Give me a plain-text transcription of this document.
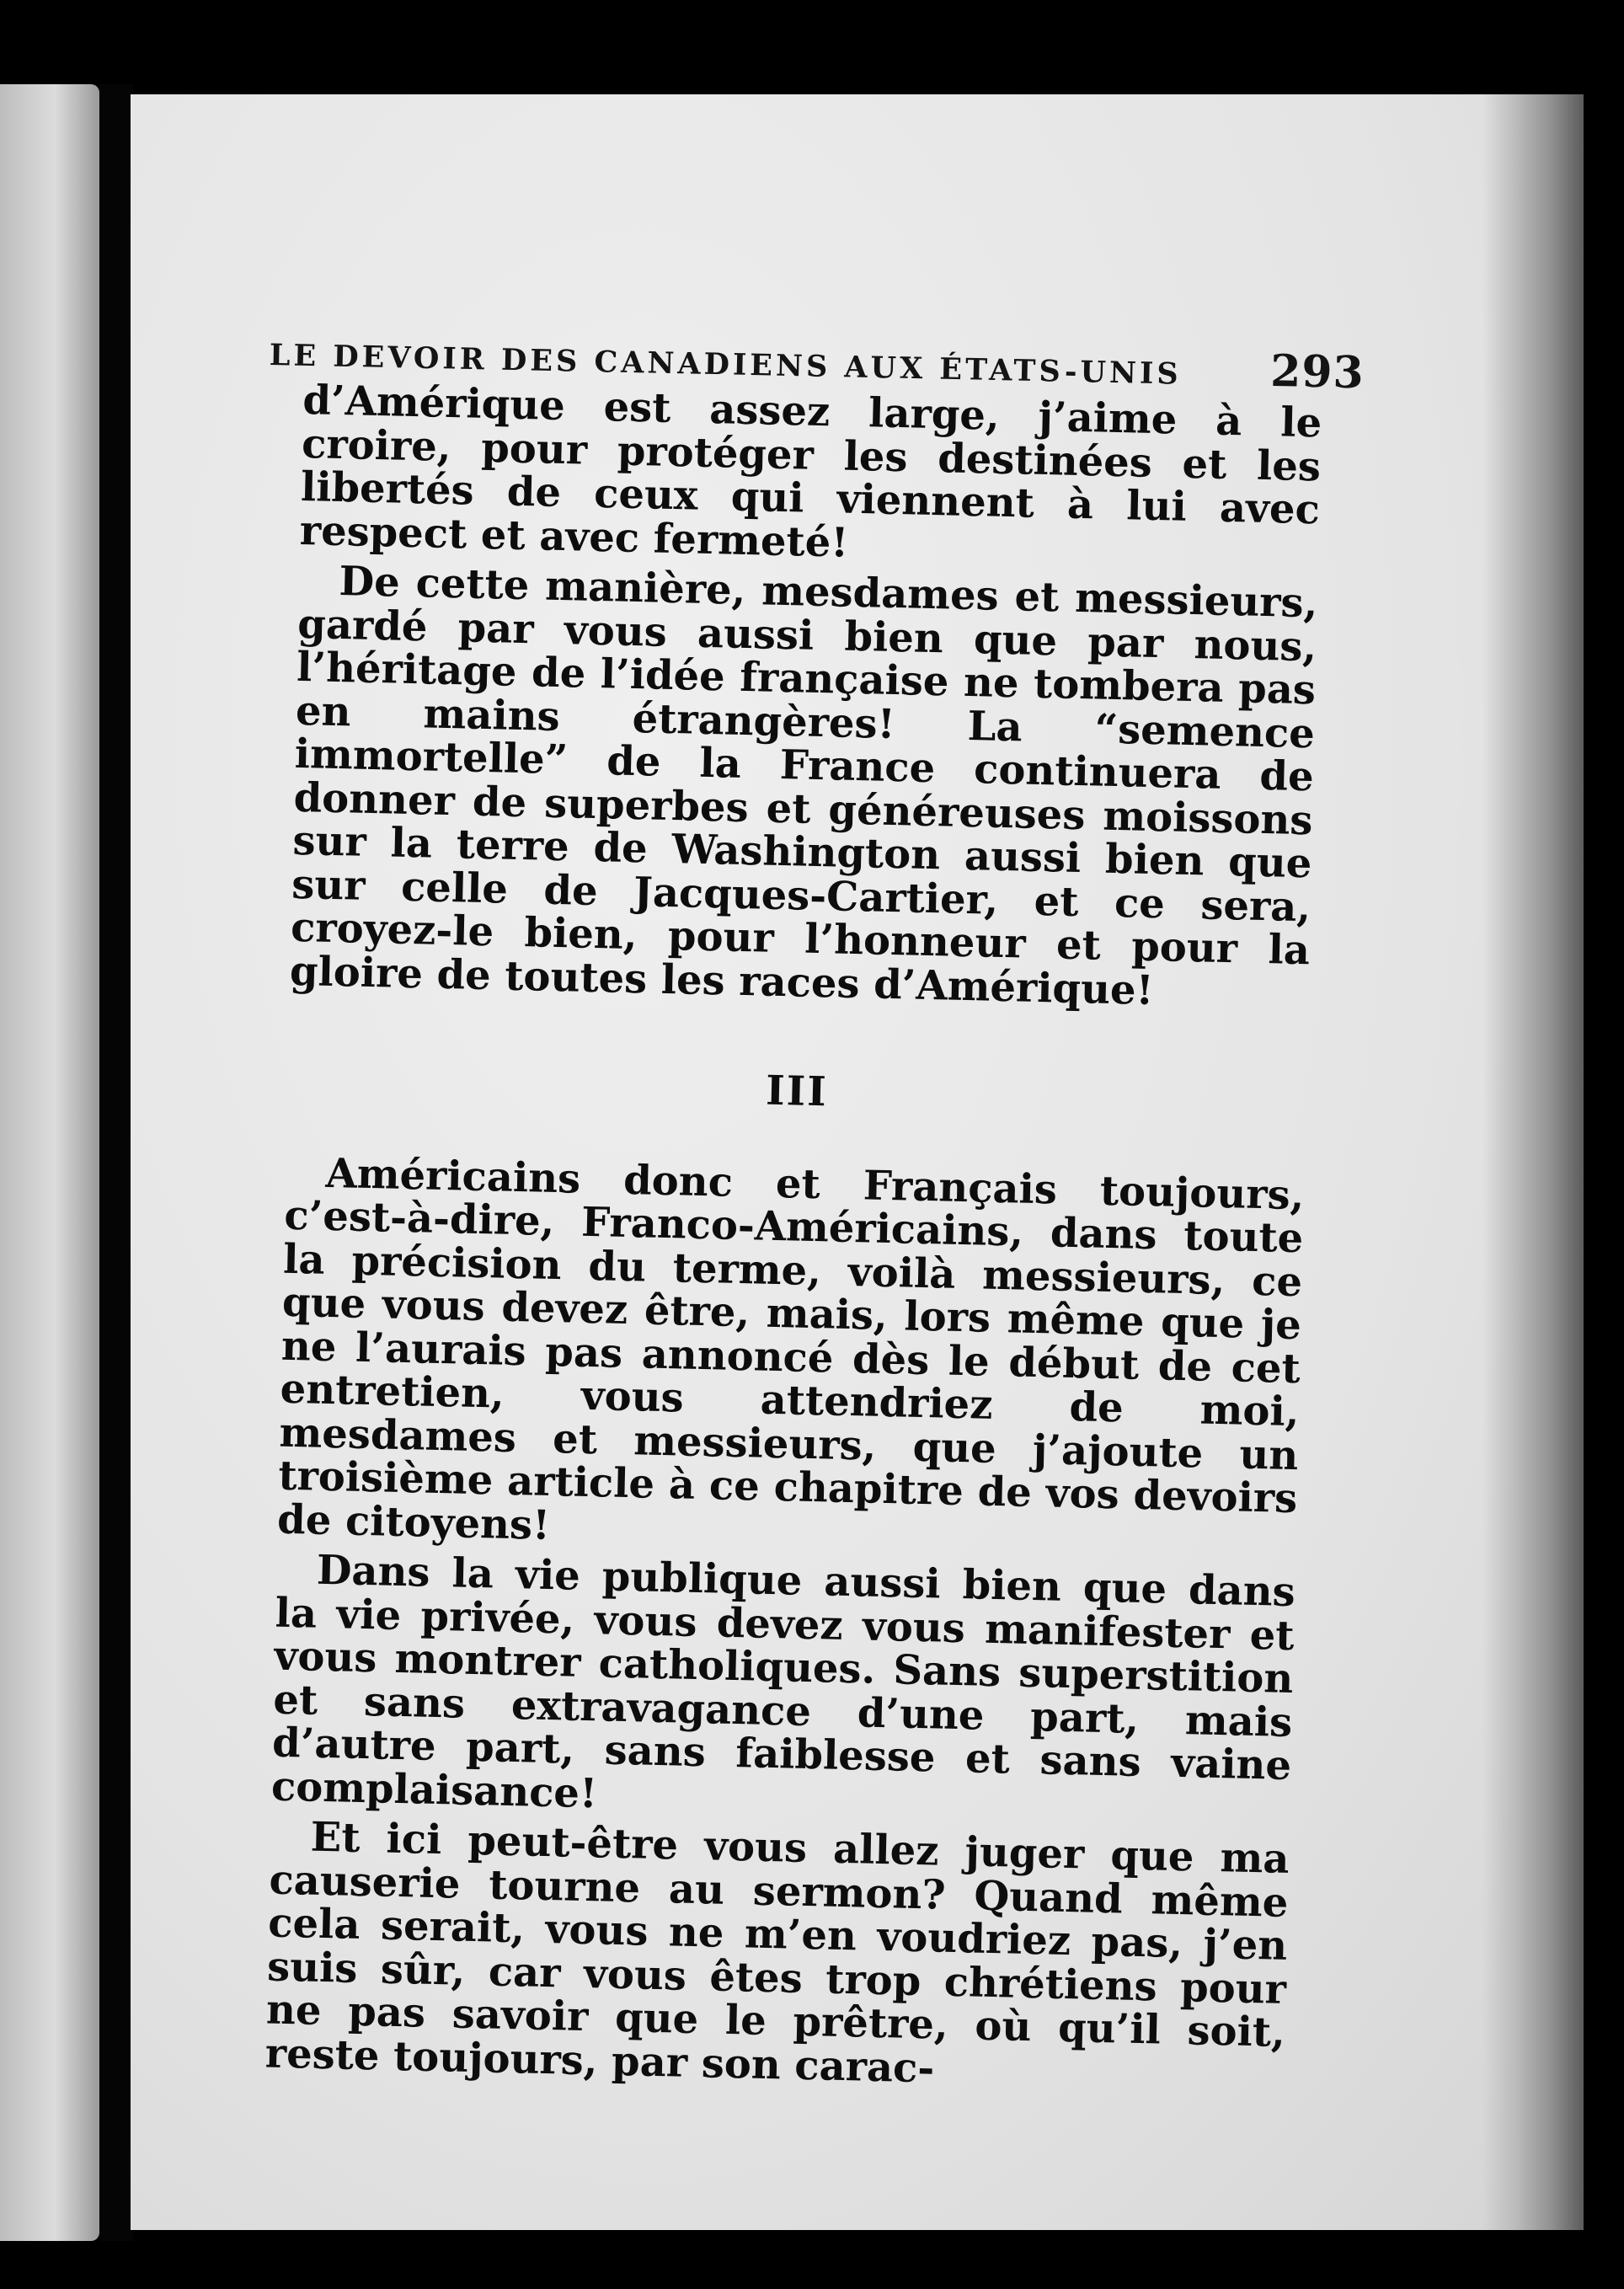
LE DEVOIR DES CANADIENS AUX ÉTATS-UNIS 293

d’Amérique est assez large, j’aime à le croire, pour protéger les destinées et les libertés de ceux qui viennent à lui avec respect et avec fermeté!

De cette manière, mesdames et messieurs, gardé par vous aussi bien que par nous, l’héritage de l’idée française ne tombera pas en mains étrangères! La “semence immortelle” de la France continuera de donner de superbes et généreuses moissons sur la terre de Washington aussi bien que sur celle de Jacques-Cartier, et ce sera, croyez-le bien, pour l’honneur et pour la gloire de toutes les races d’Amérique!

III

Américains donc et Français toujours, c’est-à-dire, Franco-Américains, dans toute la précision du terme, voilà messieurs, ce que vous devez être, mais, lors même que je ne l’aurais pas annoncé dès le début de cet entretien, vous attendriez de moi, mesdames et messieurs, que j’ajoute un troisième article à ce chapitre de vos devoirs de citoyens!

Dans la vie publique aussi bien que dans la vie privée, vous devez vous manifester et vous montrer catholiques. Sans superstition et sans extravagance d’une part, mais d’autre part, sans faiblesse et sans vaine complaisance!

Et ici peut-être vous allez juger que ma causerie tourne au sermon? Quand même cela serait, vous ne m’en voudriez pas, j’en suis sûr, car vous êtes trop chrétiens pour ne pas savoir que le prêtre, où qu’il soit, reste toujours, par son carac-
